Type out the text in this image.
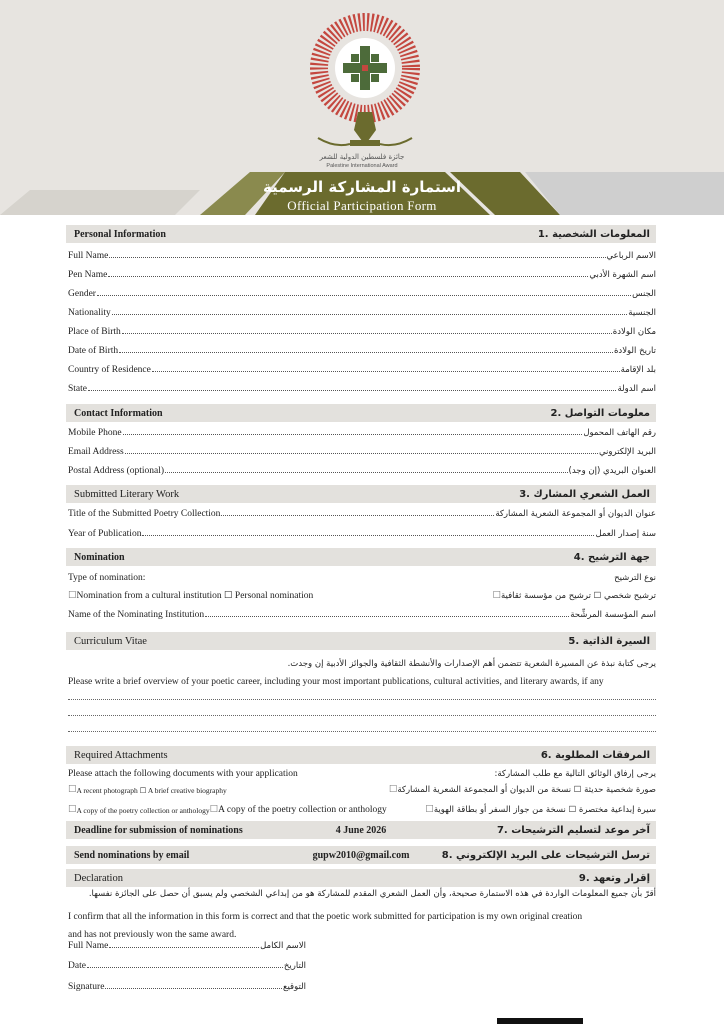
جائزة فلسطين الدولية للشعر
Palestine International Award
استمارة المشاركة الرسمية
Official Participation Form
Personal Information	1. المعلومات الشخصية
Full Name	الاسم الرباعي
Pen Name	اسم الشهرة الأدبي
Gender	الجنس
Nationality	الجنسية
Place of Birth	مكان الولادة
Date of Birth	تاريخ الولادة
Country of Residence	بلد الإقامة
State	اسم الدولة
Contact Information	2. معلومات التواصل
Mobile Phone	رقم الهاتف المحمول
Email Address	البريد الإلكتروني
Postal Address (optional)	العنوان البريدي (إن وجد)
Submitted Literary Work	3. العمل الشعري المشارك
Title of the Submitted Poetry Collection	عنوان الديوان أو المجموعة الشعرية المشاركة
Year of Publication	سنة إصدار العمل
Nomination	4. جهة الترشيح
Type of nomination:	نوع الترشيح
☐ Nomination from a cultural institution ☐ Personal nomination	☐ ترشيح شخصي ☐ ترشيح من مؤسسة ثقافية
Name of the Nominating Institution	اسم المؤسسة المرشِّحة
Curriculum Vitae	5. السيرة الذاتية
يرجى كتابة نبذة عن المسيرة الشعرية تتضمن أهم الإصدارات والأنشطة الثقافية والجوائز الأدبية إن وجدت.
Please write a brief overview of your poetic career, including your most important publications, cultural activities, and literary awards, if any
Required Attachments	6. المرفقات المطلوبة
Please attach the following documents with your application	يرجى إرفاق الوثائق التالية مع طلب المشاركة:
☐ A recent photograph ☐ A brief creative biography	☐ صورة شخصية حديثة ☐ نسخة من الديوان أو المجموعة الشعرية المشاركة
☐ A copy of the poetry collection or anthology ☐ A copy of the poetry collection or anthology	☐ سيرة إبداعية مختصرة ☐ نسخة من جواز السفر أو بطاقة الهوية
Deadline for submission of nominations	4 June 2026	7. آخر موعد لتسليم الترشيحات
Send nominations by email	gupw2010@gmail.com	8. ترسل الترشيحات على البريد الإلكتروني
Declaration	9. إقرار وتعهد
أقرّ بأن جميع المعلومات الواردة في هذه الاستمارة صحيحة، وأن العمل الشعري المقدم للمشاركة هو من إبداعي الشخصي ولم يسبق أن حصل على الجائزة نفسها.
I confirm that all the information in this form is correct and that the poetic work submitted for participation is my own original creation
and has not previously won the same award.
Full Name	الاسم الكامل
Date	التاريخ
Signature	التوقيع
